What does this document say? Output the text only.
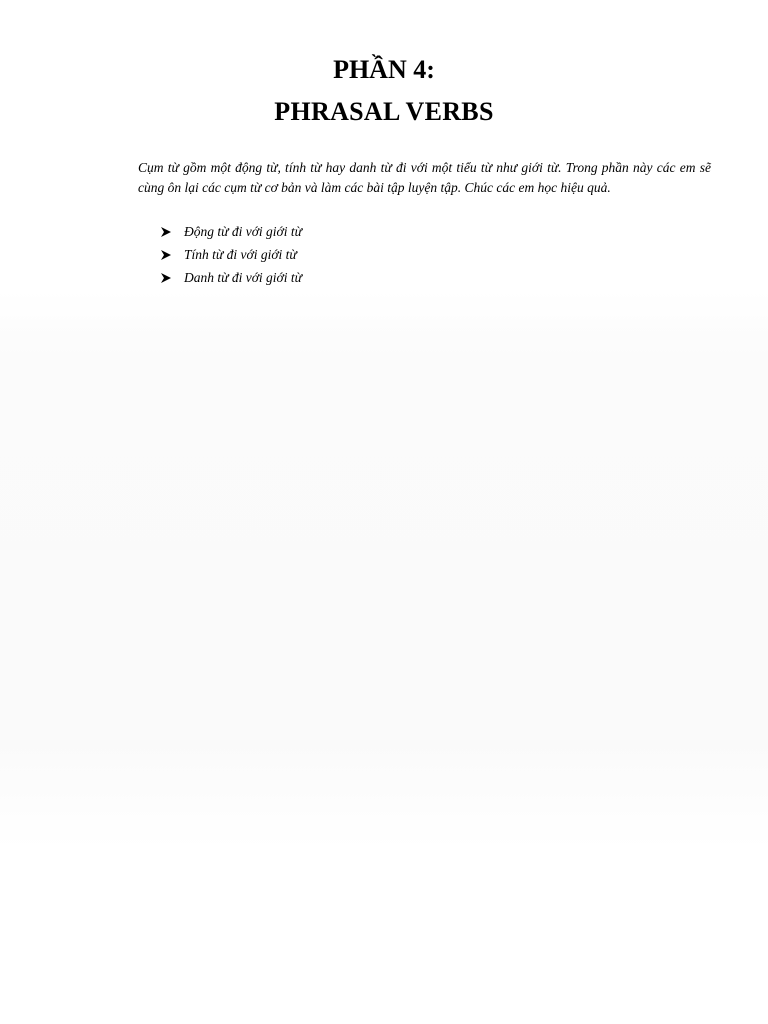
PHẦN 4:
PHRASAL VERBS

Cụm từ gồm một động từ, tính từ hay danh từ đi với một tiểu từ như giới từ. Trong phần này các em sẽ cùng ôn lại các cụm từ cơ bản và làm các bài tập luyện tập. Chúc các em học hiệu quả.

Động từ đi với giới từ
Tính từ đi với giới từ
Danh từ đi với giới từ
